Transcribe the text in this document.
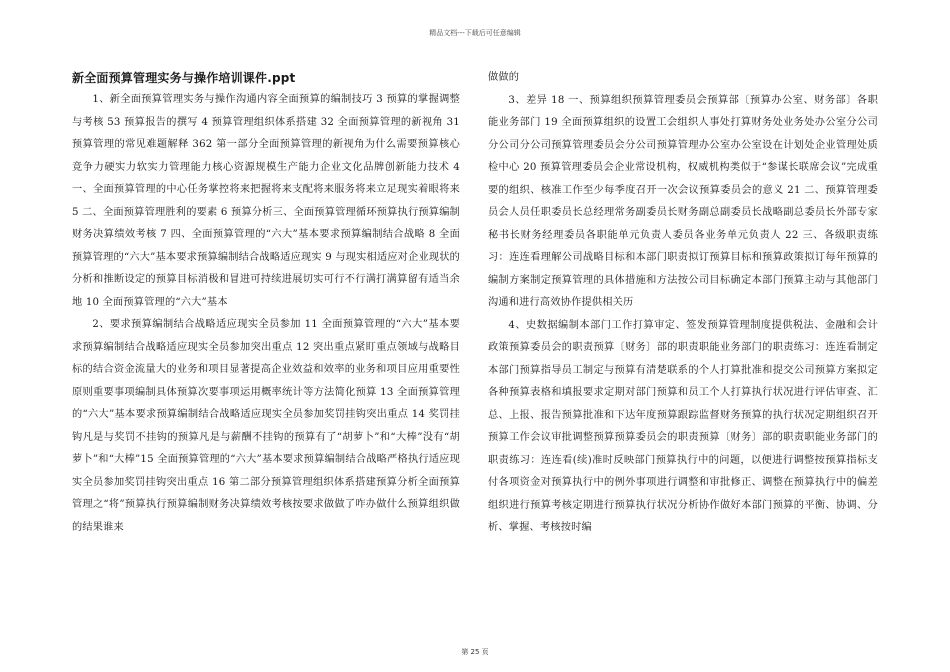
精品文档---下载后可任意编辑

新全面预算管理实务与操作培训课件.ppt

1、新全面预算管理实务与操作沟通内容全面预算的编制技巧 3 预算的掌握调整与考核 53 预算报告的撰写 4 预算管理组织体系搭建 32 全面预算管理的新视角 31 预算管理的常见难题解释 362 第一部分全面预算管理的新视角为什么需要预算核心竞争力硬实力软实力管理能力核心资源规模生产能力企业文化品牌创新能力技术 4 一、全面预算管理的中心任务掌控将来把握将来支配将来服务将来立足现实着眼将来 5 二、全面预算管理胜利的要素 6 预算分析三、全面预算管理循环预算执行预算编制财务决算绩效考核 7 四、全面预算管理的“六大”基本要求预算编制结合战略 8 全面预算管理的“六大”基本要求预算编制结合战略适应现实 9 与现实相适应对企业现状的分析和推断设定的预算目标消极和冒进可持续进展切实可行不行满打满算留有适当余地 10 全面预算管理的“六大”基本

2、要求预算编制结合战略适应现实全员参加 11 全面预算管理的“六大”基本要求预算编制结合战略适应现实全员参加突出重点 12 突出重点紧盯重点领域与战略目标的结合资金流量大的业务和项目显著提高企业效益和效率的业务和项目应用重要性原则重要事项编制具体预算次要事项运用概率统计等方法简化预算 13 全面预算管理的“六大”基本要求预算编制结合战略适应现实全员参加奖罚挂钩突出重点 14 奖罚挂钩凡是与奖罚不挂钩的预算凡是与薪酬不挂钩的预算有了“胡萝卜”和“大棒”没有“胡萝卜”和“大棒”15 全面预算管理的“六大”基本要求预算编制结合战略严格执行适应现实全员参加奖罚挂钩突出重点 16 第二部分预算管理组织体系搭建预算分析全面预算管理之“将”预算执行预算编制财务决算绩效考核按要求做做了咋办做什么预算组织做的结果谁来

做做的

3、差异 18 一、预算组织预算管理委员会预算部〔预算办公室、财务部〕各职能业务部门 19 全面预算组织的设置工会组织人事处打算财务处业务处办公室分公司分公司分公司预算管理委员会分公司预算管理办公室办公室设在计划处企业管理处质检中心 20 预算管理委员会企业常设机构，权威机构类似于“参谋长联席会议”完成重要的组织、核准工作至少每季度召开一次会议预算委员会的意义 21 二、预算管理委员会人员任职委员长总经理常务副委员长财务副总副委员长战略副总委员长外部专家秘书长财务经理委员各职能单元负责人委员各业务单元负责人 22 三、各级职责练习：连连看理解公司战略目标和本部门职责拟订预算目标和预算政策拟订每年预算的编制方案制定预算管理的具体措施和方法按公司目标确定本部门预算主动与其他部门沟通和进行高效协作提供相关历

4、史数据编制本部门工作打算审定、签发预算管理制度提供税法、金融和会计政策预算委员会的职责预算〔财务〕部的职责职能业务部门的职责练习：连连看制定本部门预算指导员工制定与预算有清楚联系的个人打算批准和提交公司预算方案拟定各种预算表格和填报要求定期对部门预算和员工个人打算执行状况进行评估审查、汇总、上报、报告预算批准和下达年度预算跟踪监督财务预算的执行状况定期组织召开预算工作会议审批调整预算预算委员会的职责预算〔财务〕部的职责职能业务部门的职责练习：连连看(续)准时反映部门预算执行中的问题，以便进行调整按预算指标支付各项资金对预算执行中的例外事项进行调整和审批修正、调整在预算执行中的偏差组织进行预算考核定期进行预算执行状况分析协作做好本部门预算的平衡、协调、分析、掌握、考核按时编

第 25 页
